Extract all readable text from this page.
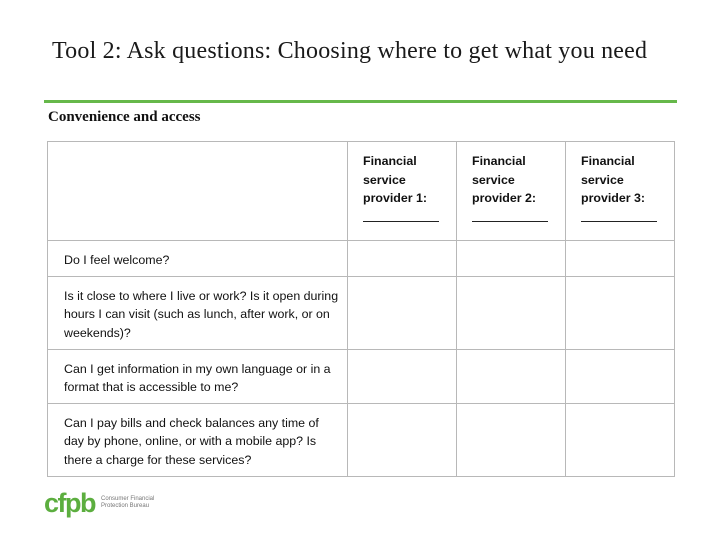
Tool 2: Ask questions: Choosing where to get what you need
Convenience and access

	Financial
service
provider 1:	Financial
service
provider 2:	Financial
service
provider 3:

Do I feel welcome?			
Is it close to where I live or work? Is it open during hours I can visit (such as lunch, after work, or on weekends)?			
Can I get information in my own language or in a format that is accessible to me?			
Can I pay bills and check balances any time of day by phone, online, or with a mobile app? Is there a charge for these services?			
cfpb Consumer Financial
Protection Bureau
